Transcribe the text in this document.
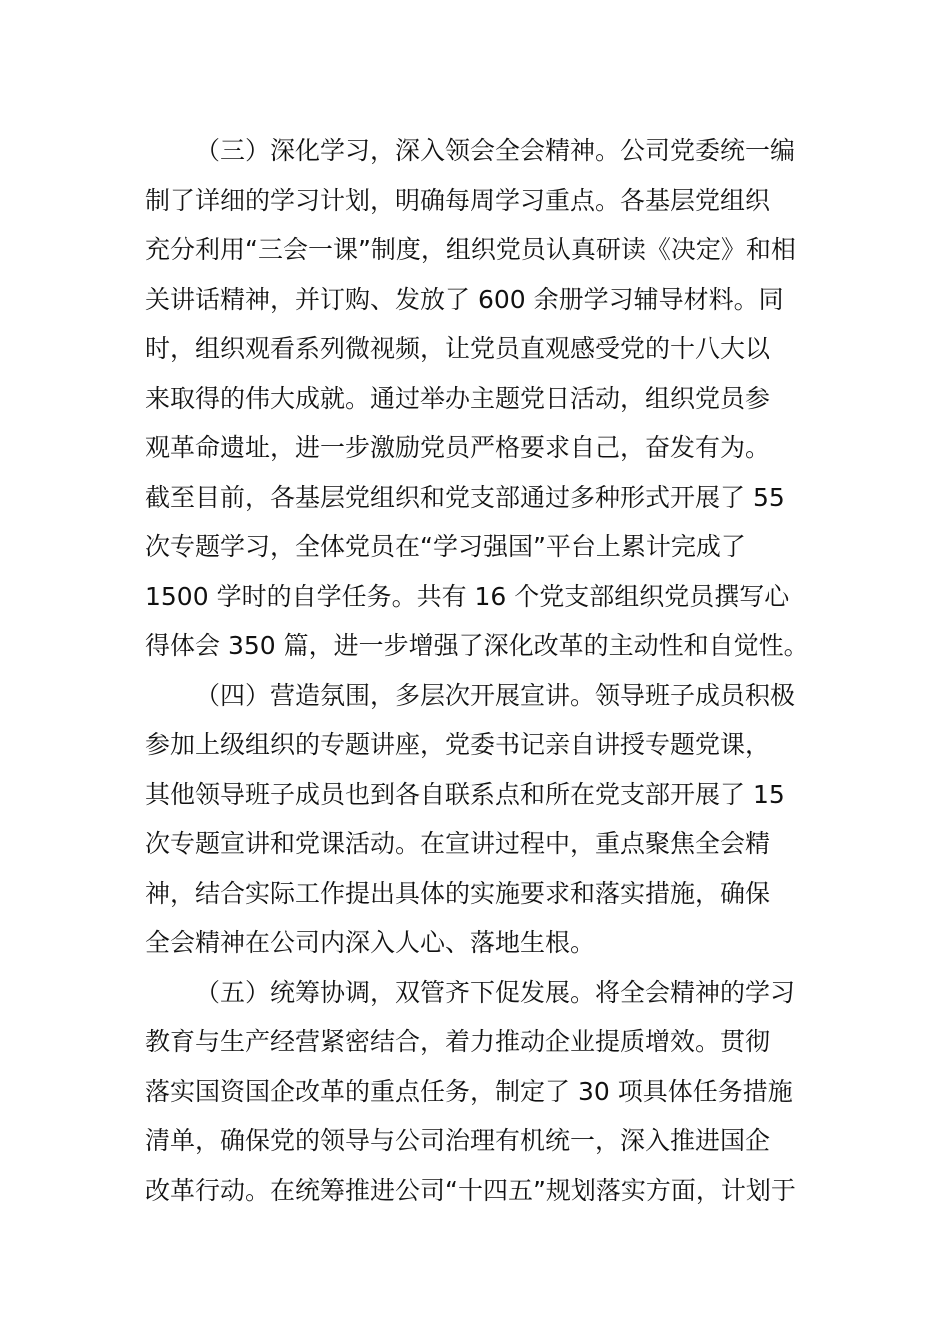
（三）深化学习，深入领会全会精神。公司党委统一编
制了详细的学习计划，明确每周学习重点。各基层党组织
充分利用“三会一课”制度，组织党员认真研读《决定》和相
关讲话精神，并订购、发放了 600 余册学习辅导材料。同
时，组织观看系列微视频，让党员直观感受党的十八大以
来取得的伟大成就。通过举办主题党日活动，组织党员参
观革命遗址，进一步激励党员严格要求自己，奋发有为。
截至目前，各基层党组织和党支部通过多种形式开展了 55
次专题学习，全体党员在“学习强国”平台上累计完成了
1500 学时的自学任务。共有 16 个党支部组织党员撰写心
得体会 350 篇，进一步增强了深化改革的主动性和自觉性。

（四）营造氛围，多层次开展宣讲。领导班子成员积极
参加上级组织的专题讲座，党委书记亲自讲授专题党课，
其他领导班子成员也到各自联系点和所在党支部开展了 15
次专题宣讲和党课活动。在宣讲过程中，重点聚焦全会精
神，结合实际工作提出具体的实施要求和落实措施，确保
全会精神在公司内深入人心、落地生根。

（五）统筹协调，双管齐下促发展。将全会精神的学习
教育与生产经营紧密结合，着力推动企业提质增效。贯彻
落实国资国企改革的重点任务，制定了 30 项具体任务措施
清单，确保党的领导与公司治理有机统一，深入推进国企
改革行动。在统筹推进公司“十四五”规划落实方面，计划于
